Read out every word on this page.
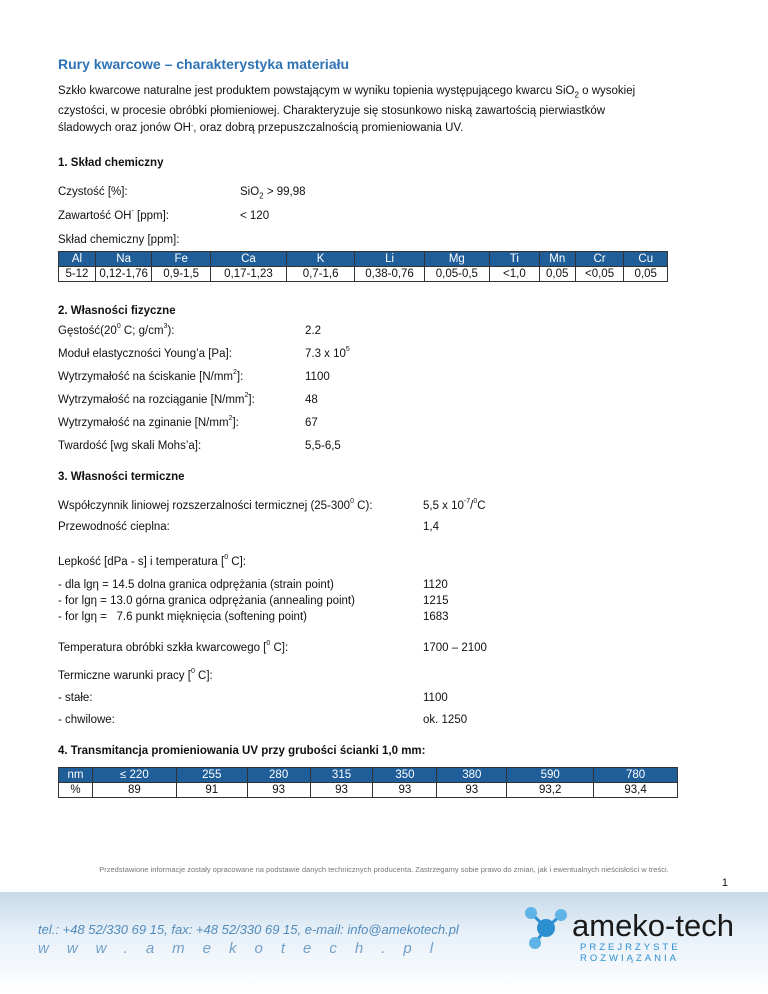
Rury kwarcowe – charakterystyka materiału
Szkło kwarcowe naturalne jest produktem powstającym w wyniku topienia występującego kwarcu SiO$_2$ o wysokiej
czystości, w procesie obróbki płomieniowej. Charakteryzuje się stosunkowo niską zawartością pierwiastków
śladowych oraz jonów OH-, oraz dobrą przepuszczalnością promieniowania UV.
1. Skład chemiczny
Czystość [%]:	SiO$_2$ > 99,98
Zawartość OH- [ppm]:	< 120
Skład chemiczny [ppm]:
Al	Na	Fe	Ca	K	Li	Mg	Ti	Mn	Cr	Cu
5-12	0,12-1,76	0,9-1,5	0,17-1,23	0,7-1,6	0,38-0,76	0,05-0,5	<1,0	0,05	<0,05	0,05
2. Własności fizyczne
$Gęstość(20^0$ C; $g/cm^3$):	2.2
Moduł elastyczności Young’a [Pa]:	7.3 x $10^5$
Wytrzymałość na ściskanie $[N/mm^2]$:	1100
Wytrzymałość na rozciąganie $[N/mm^2]$:	48
Wytrzymałość na zginanie $[N/mm^2]$:	67
Twardość [wg skali Mohs’a]:	5,5-6,5
3. Własności termiczne
Współczynnik liniowej rozszerzalności termicznej ($25-300^0$ C):	5,5 x $10^{-7}/^0C$
Przewodność cieplna:	1,4
Lepkość [dPa - s] i temperatura [$^0$ C]:
- dla lgη = 14.5 dolna granica odprężania (strain point)	1120
- for lgη = 13.0 górna granica odprężania (annealing point)	1215
- for lgη =   7.6 punkt mięknięcia (softening point)	1683
Temperatura obróbki szkła kwarcowego [$^0$ C]:	1700 – 2100
Termiczne warunki pracy [$^0$ C]:
- stałe:	1100
- chwilowe:	ok. 1250
4. Transmitancja promieniowania UV przy grubości ścianki 1,0 mm:
nm	≤ 220	255	280	315	350	380	590	780
%	89	91	93	93	93	93	93,2	93,4
Przedstawione informacje zostały opracowane na podstawie danych technicznych producenta. Zastrzegamy sobie prawo do zmian, jak i ewentualnych nieścisłości w treści.
1
tel.: +48 52/330 69 15, fax: +48 52/330 69 15, e-mail: info@amekotech.pl
www.amekotech.pl
ameko-tech
PRZEJRZYSTE ROZWIĄZANIA
